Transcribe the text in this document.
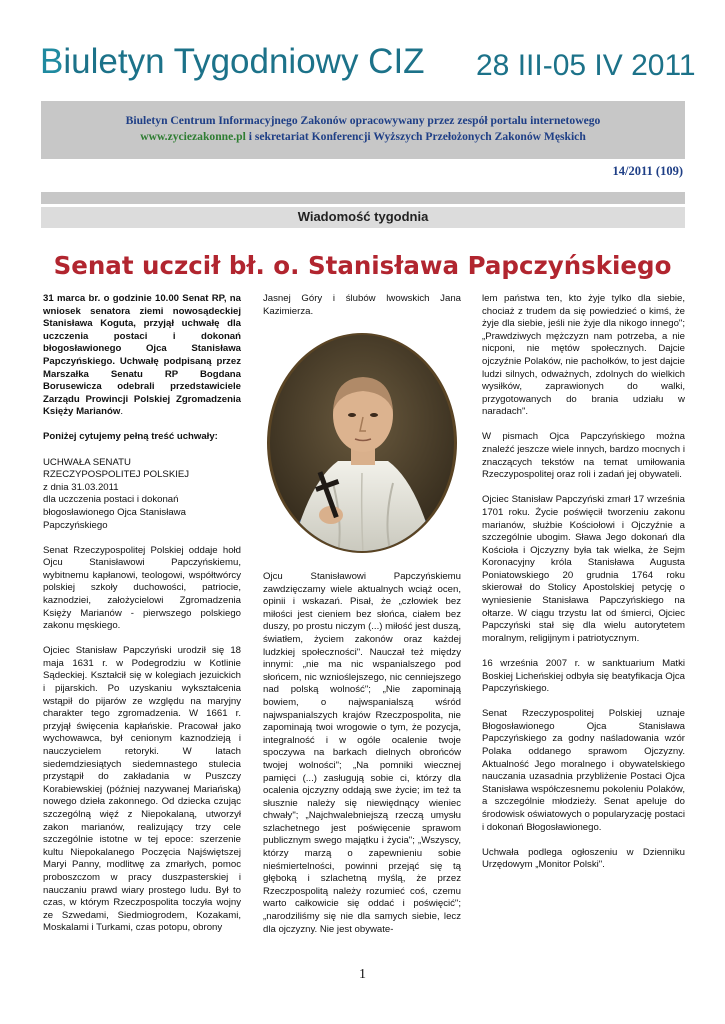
Biuletyn Tygodniowy CIZ 28 III-05 IV 2011
Biuletyn Centrum Informacyjnego Zakonów opracowywany przez zespół portalu internetowego
www.zyciezakonne.pl i sekretariat Konferencji Wyższych Przełożonych Zakonów Męskich
14/2011 (109)
Wiadomość tygodnia
Senat uczcił bł. o. Stanisława Papczyńskiego

31 marca br. o godzinie 10.00 Senat RP, na wniosek senatora ziemi nowosądeckiej Stanisława Koguta, przyjął uchwałę dla uczczenia postaci i dokonań błogosławionego Ojca Stanisława Papczyńskiego. Uchwałę podpisaną przez Marszałka Senatu RP Bogdana Borusewicza odebrali przedstawiciele Zarządu Prowincji Polskiej Zgromadzenia Księży Marianów.

Poniżej cytujemy pełną treść uchwały:

UCHWAŁA SENATU
RZECZYPOSPOLITEJ POLSKIEJ
z dnia 31.03.2011
dla uczczenia postaci i dokonań błogosławionego Ojca Stanisława Papczyńskiego

Senat Rzeczypospolitej Polskiej oddaje hołd Ojcu Stanisławowi Papczyńskiemu, wybitnemu kapłanowi, teologowi, współtwórcy polskiej szkoły duchowości, patriocie, kaznodziei, założycielowi Zgromadzenia Księży Marianów - pierwszego polskiego zakonu męskiego.

Ojciec Stanisław Papczyński urodził się 18 maja 1631 r. w Podegrodziu w Kotlinie Sądeckiej. Kształcił się w kolegiach jezuickich i pijarskich. Po uzyskaniu wykształcenia wstąpił do pijarów ze względu na maryjny charakter tego zgromadzenia. W 1661 r. przyjął święcenia kapłańskie. Pracował jako wychowawca, był cenionym kaznodzieją i nauczycielem retoryki. W latach siedemdziesiątych siedemnastego stulecia przystąpił do zakładania w Puszczy Korabiewskiej (później nazywanej Mariańską) nowego dzieła zakonnego. Od dziecka czując szczególną więź z Niepokalaną, utworzył zakon marianów, realizujący trzy cele szczególnie istotne w tej epoce: szerzenie kultu Niepokalanego Poczęcia Najświętszej Maryi Panny, modlitwę za zmarłych, pomoc proboszczom w pracy duszpasterskiej i nauczaniu prawd wiary prostego ludu. Był to czas, w którym Rzeczpospolita toczyła wojny ze Szwedami, Siedmiogrodem, Kozakami, Moskalami i Turkami, czas potopu, obrony

Jasnej Góry i ślubów lwowskich Jana Kazimierza.

Ojcu Stanisławowi Papczyńskiemu zawdzięczamy wiele aktualnych wciąż ocen, opinii i wskazań. Pisał, że „człowiek bez miłości jest cieniem bez słońca, ciałem bez duszy, po prostu niczym (...) miłość jest duszą, światłem, życiem zakonów oraz każdej ludzkiej społeczności". Nauczał też między innymi: „nie ma nic wspanialszego pod słońcem, nic wznioślejszego, nic cenniejszego nad polską wolność"; „Nie zapominają bowiem, o najwspanialszą wśród najwspanialszych krajów Rzeczpospolita, nie zapominają twoi wrogowie o tym, że pozycja, integralność i w ogóle ocalenie twoje spoczywa na barkach dielnych obrońców twojej wolności"; „Na pomniki wiecznej pamięci (...) zasługują sobie ci, którzy dla ocalenia ojczyzny oddają swe życie; im też ta słusznie należy się niewiędnący wieniec chwały"; „Najchwalebniejszą rzeczą umysłu szlachetnego jest poświęcenie sprawom publicznym swego majątku i życia"; „Wszyscy, którzy marzą o zapewnieniu sobie nieśmiertelności, powinni przejąć się tą głęboką i szlachetną myślą, że przez Rzeczpospolitą należy rozumieć coś, czemu warto całkowicie się oddać i poświęcić"; „narodziliśmy się nie dla samych siebie, lecz dla ojczyzny. Nie jest obywate-

lem państwa ten, kto żyje tylko dla siebie, chociaż z trudem da się powiedzieć o kimś, że żyje dla siebie, jeśli nie żyje dla nikogo innego"; „Prawdziwych mężczyzn nam potrzeba, a nie nicponi, nie mętów społecznych. Dajcie ojczyźnie Polaków, nie pachołków, to jest dajcie ludzi silnych, odważnych, zdolnych do wielkich wysiłków, zaprawionych do walki, przygotowanych do brania udziału w naradach".

W pismach Ojca Papczyńskiego można znaleźć jeszcze wiele innych, bardzo mocnych i znaczących tekstów na temat umiłowania Rzeczypospolitej oraz roli i zadań jej obywateli.

Ojciec Stanisław Papczyński zmarł 17 września 1701 roku. Życie poświęcił tworzeniu zakonu marianów, służbie Kościołowi i Ojczyźnie a szczególnie ubogim. Sława Jego dokonań dla Kościoła i Ojczyzny była tak wielka, że Sejm Koronacyjny króla Stanisława Augusta Poniatowskiego 20 grudnia 1764 roku skierował do Stolicy Apostolskiej petycję o wyniesienie Stanisława Papczyńskiego na ołtarze. W ciągu trzystu lat od śmierci, Ojciec Papczyński stał się dla wielu autorytetem moralnym, religijnym i patriotycznym.

16 września 2007 r. w sanktuarium Matki Boskiej Licheńskiej odbyła się beatyfikacja Ojca Papczyńskiego.

Senat Rzeczypospolitej Polskiej uznaje Błogosławionego Ojca Stanisława Papczyńskiego za godny naśladowania wzór Polaka oddanego sprawom Ojczyzny. Aktualność Jego moralnego i obywatelskiego nauczania uzasadnia przybliżenie Postaci Ojca Stanisława współczesnemu pokoleniu Polaków, a szczególnie młodzieży. Senat apeluje do środowisk oświatowych o popularyzację postaci i dokonań Błogosławionego.

Uchwała podlega ogłoszeniu w Dzienniku Urzędowym „Monitor Polski".

1
